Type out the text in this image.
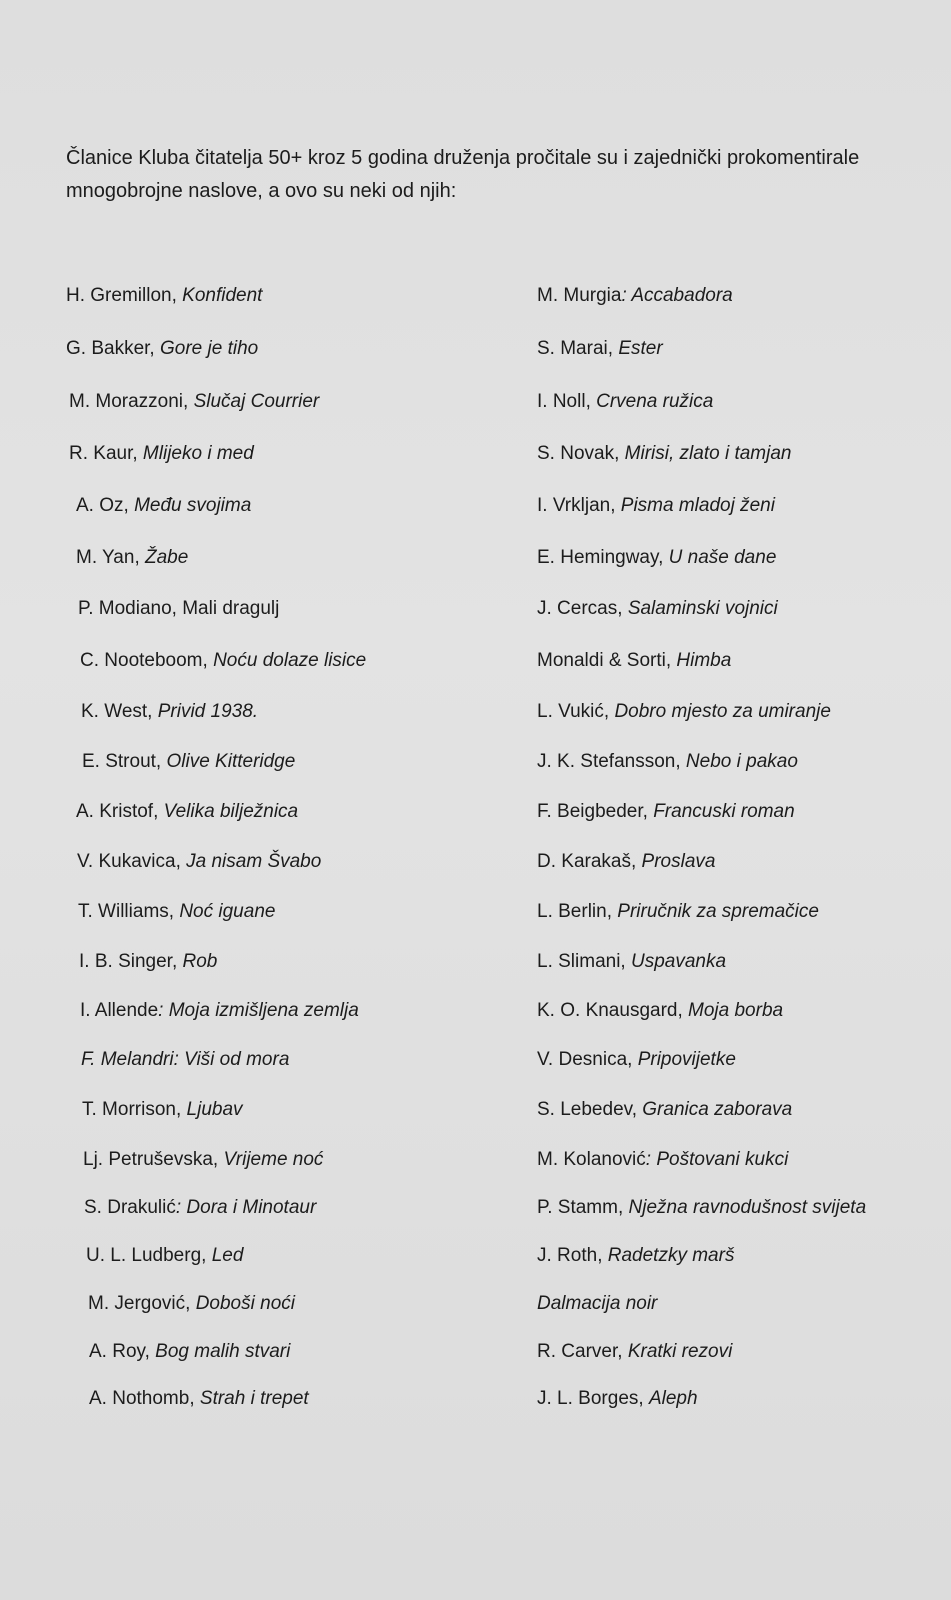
Članice Kluba čitatelja 50+ kroz 5 godina druženja pročitale su i zajednički prokomentirale

mnogobrojne naslove, a ovo su neki od njih:

H. Gremillon, Konfident
G. Bakker, Gore je tiho
M. Morazzoni, Slučaj Courrier
R. Kaur, Mlijeko i med
A. Oz, Među svojima
M. Yan, Žabe
P. Modiano, Mali dragulj
C. Nooteboom, Noću dolaze lisice
K. West, Privid 1938.
E. Strout, Olive Kitteridge
A. Kristof, Velika bilježnica
V. Kukavica, Ja nisam Švabo
T. Williams, Noć iguane
I. B. Singer, Rob
I. Allende: Moja izmišljena zemlja
F. Melandri: Viši od mora
T. Morrison, Ljubav
Lj. Petruševska, Vrijeme noć
S. Drakulić: Dora i Minotaur
U. L. Ludberg, Led
M. Jergović, Doboši noći
A. Roy, Bog malih stvari
A. Nothomb, Strah i trepet
M. Murgia: Accabadora
S. Marai, Ester
I. Noll, Crvena ružica
S. Novak, Mirisi, zlato i tamjan
I. Vrkljan, Pisma mladoj ženi
E. Hemingway, U naše dane
J. Cercas, Salaminski vojnici
Monaldi & Sorti, Himba
L. Vukić, Dobro mjesto za umiranje
J. K. Stefansson, Nebo i pakao
F. Beigbeder, Francuski roman
D. Karakaš, Proslava
L. Berlin, Priručnik za spremačice
L. Slimani, Uspavanka
K. O. Knausgard, Moja borba
V. Desnica, Pripovijetke
S. Lebedev, Granica zaborava
M. Kolanović: Poštovani kukci
P. Stamm, Nježna ravnodušnost svijeta
J. Roth, Radetzky marš
Dalmacija noir
R. Carver, Kratki rezovi
J. L. Borges, Aleph
